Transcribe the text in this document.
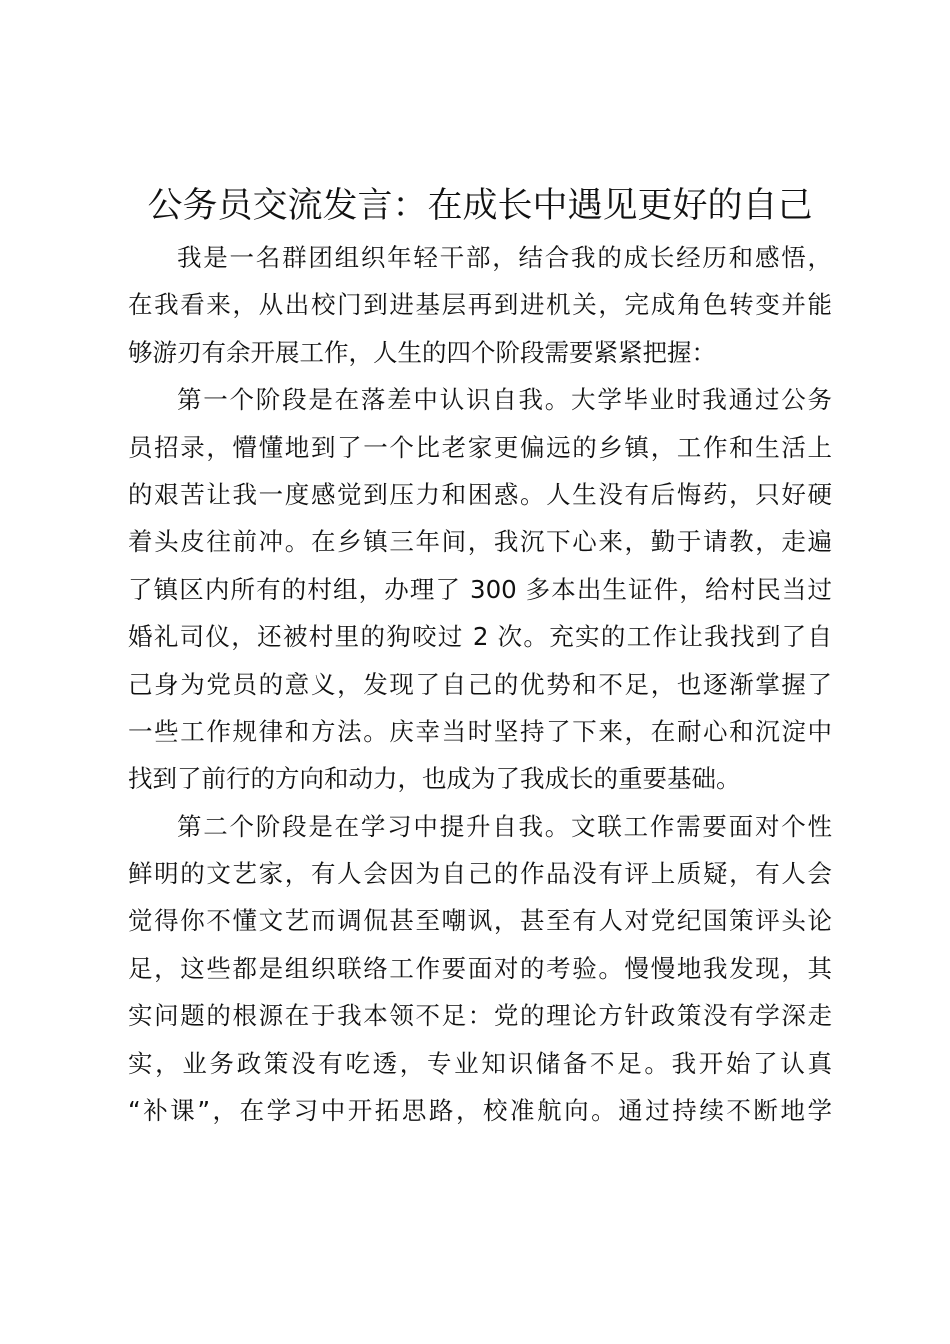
公务员交流发言：在成长中遇见更好的自己
我是一名群团组织年轻干部，结合我的成长经历和感悟，
在我看来，从出校门到进基层再到进机关，完成角色转变并能
够游刃有余开展工作，人生的四个阶段需要紧紧把握：
第一个阶段是在落差中认识自我。大学毕业时我通过公务
员招录，懵懂地到了一个比老家更偏远的乡镇，工作和生活上
的艰苦让我一度感觉到压力和困惑。人生没有后悔药，只好硬
着头皮往前冲。在乡镇三年间，我沉下心来，勤于请教，走遍
了镇区内所有的村组，办理了 300 多本出生证件，给村民当过
婚礼司仪，还被村里的狗咬过 2 次。充实的工作让我找到了自
己身为党员的意义，发现了自己的优势和不足，也逐渐掌握了
一些工作规律和方法。庆幸当时坚持了下来，在耐心和沉淀中
找到了前行的方向和动力，也成为了我成长的重要基础。
第二个阶段是在学习中提升自我。文联工作需要面对个性
鲜明的文艺家，有人会因为自己的作品没有评上质疑，有人会
觉得你不懂文艺而调侃甚至嘲讽，甚至有人对党纪国策评头论
足，这些都是组织联络工作要面对的考验。慢慢地我发现，其
实问题的根源在于我本领不足：党的理论方针政策没有学深走
实，业务政策没有吃透，专业知识储备不足。我开始了认真
“补课”，在学习中开拓思路，校准航向。通过持续不断地学
